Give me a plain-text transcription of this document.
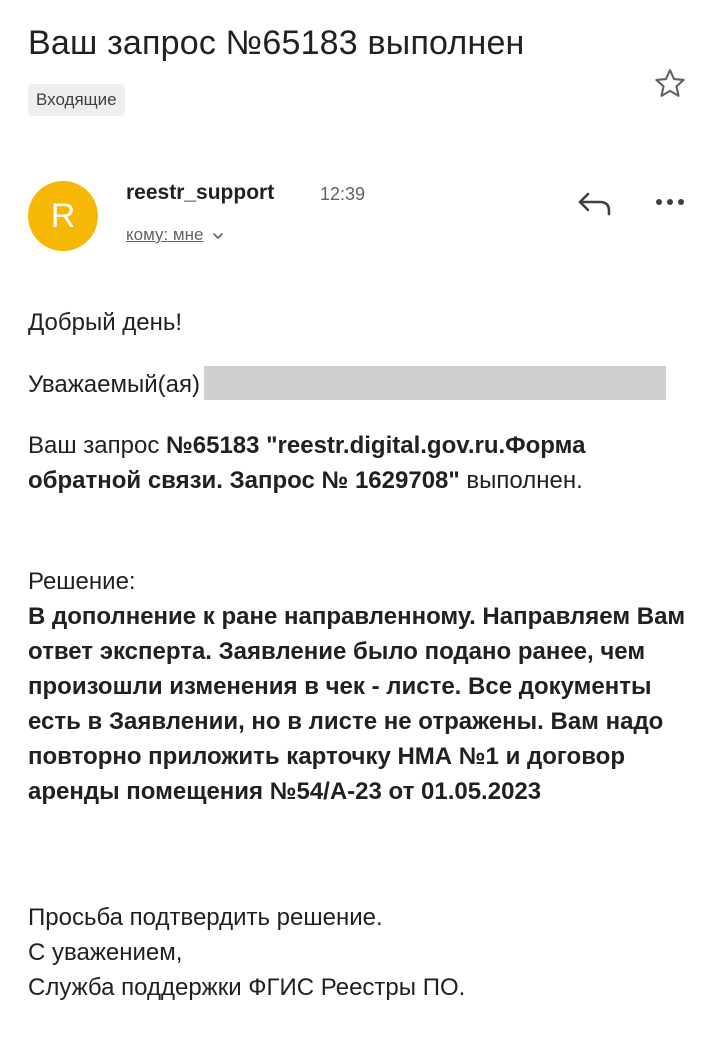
Ваш запрос №65183 выполнен
Входящие
R
reestr_support	12:39
кому: мне
Добрый день!
Уважаемый(ая)
Ваш запрос №65183 "reestr.digital.gov.ru.Форма обратной связи. Запрос № 1629708" выполнен.
Решение:
В дополнение к ране направленному. Направляем Вам ответ эксперта. Заявление было подано ранее, чем произошли изменения в чек - листе. Все документы есть в Заявлении, но в листе не отражены. Вам надо повторно приложить карточку НМА №1 и договор аренды помещения №54/А-23 от 01.05.2023
Просьба подтвердить решение.
С уважением,
Служба поддержки ФГИС Реестры ПО.
